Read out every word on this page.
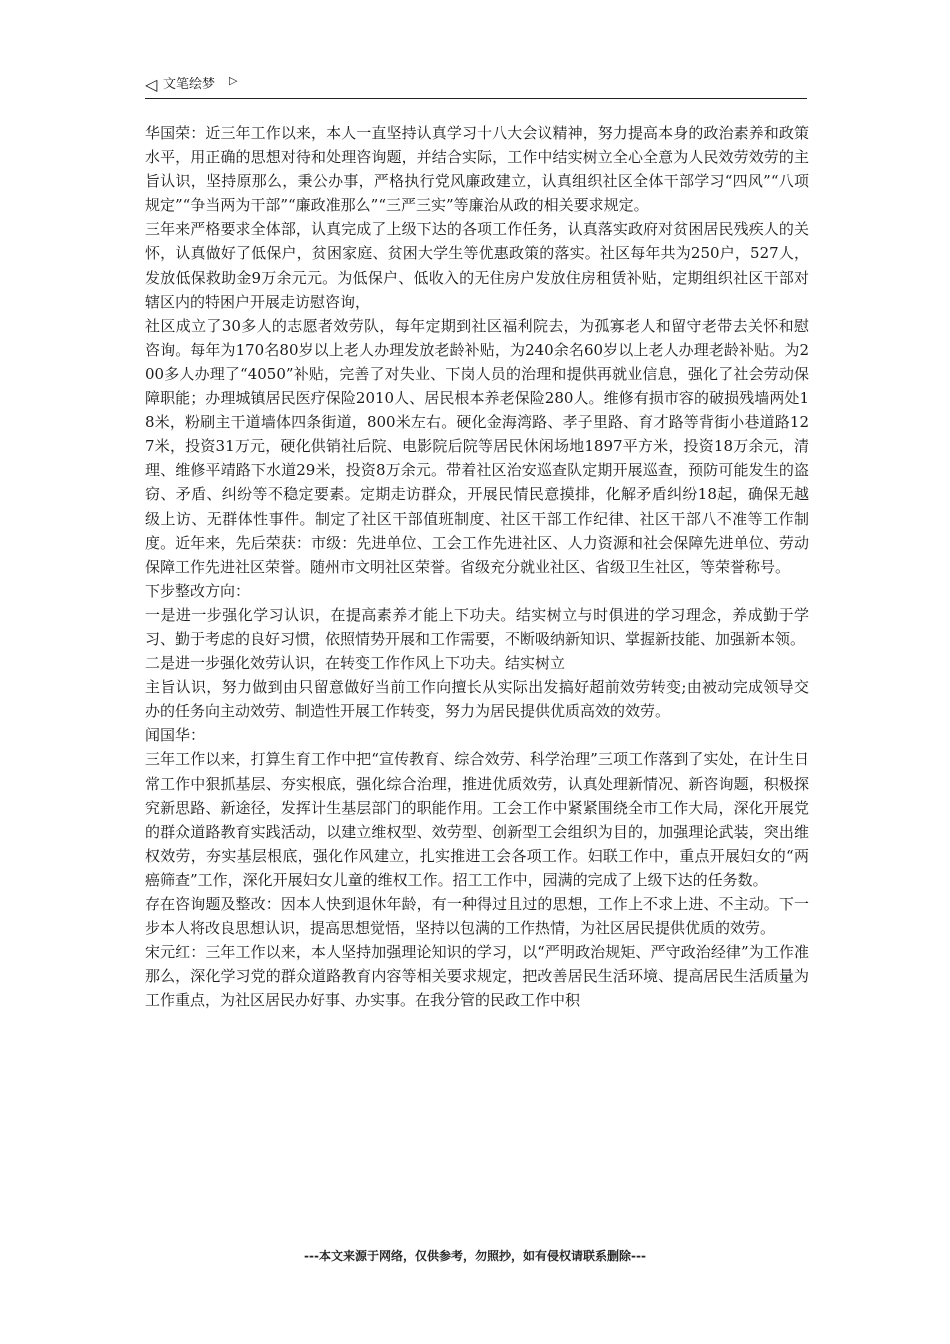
◁ 文笔绘梦 ▷

华国荣：近三年工作以来，本人一直坚持认真学习十八大会议精神，努力提高本身的政治素养和政策水平，用正确的思想对待和处理咨询题，并结合实际，工作中结实树立全心全意为人民效劳效劳的主旨认识，坚持原那么，秉公办事，严格执行党风廉政建立，认真组织社区全体干部学习“四风”“八项规定”“争当两为干部”“廉政准那么”“三严三实”等廉治从政的相关要求规定。

三年来严格要求全体部，认真完成了上级下达的各项工作任务，认真落实政府对贫困居民残疾人的关怀，认真做好了低保户，贫困家庭、贫困大学生等优惠政策的落实。社区每年共为250户，527人，发放低保救助金9万余元元。为低保户、低收入的无住房户发放住房租赁补贴，定期组织社区干部对辖区内的特困户开展走访慰咨询，

社区成立了30多人的志愿者效劳队，每年定期到社区福利院去，为孤寡老人和留守老带去关怀和慰咨询。每年为170名80岁以上老人办理发放老龄补贴，为240余名60岁以上老人办理老龄补贴。为200多人办理了“4050”补贴，完善了对失业、下岗人员的治理和提供再就业信息，强化了社会劳动保障职能；办理城镇居民医疗保险2010人、居民根本养老保险280人。维修有损市容的破损残墙两处18米，粉刷主干道墙体四条街道，800米左右。硬化金海湾路、孝子里路、育才路等背街小巷道路127米，投资31万元，硬化供销社后院、电影院后院等居民休闲场地1897平方米，投资18万余元，清理、维修平靖路下水道29米，投资8万余元。带着社区治安巡查队定期开展巡查，预防可能发生的盗窃、矛盾、纠纷等不稳定要素。定期走访群众，开展民情民意摸排，化解矛盾纠纷18起，确保无越级上访、无群体性事件。制定了社区干部值班制度、社区干部工作纪律、社区干部八不准等工作制度。近年来，先后荣获：市级：先进单位、工会工作先进社区、人力资源和社会保障先进单位、劳动保障工作先进社区荣誉。随州市文明社区荣誉。省级充分就业社区、省级卫生社区，等荣誉称号。

下步整改方向：

一是进一步强化学习认识，在提高素养才能上下功夫。结实树立与时俱进的学习理念，养成勤于学习、勤于考虑的良好习惯，依照情势开展和工作需要，不断吸纳新知识、掌握新技能、加强新本领。

二是进一步强化效劳认识，在转变工作作风上下功夫。结实树立

主旨认识，努力做到由只留意做好当前工作向擅长从实际出发搞好超前效劳转变;由被动完成领导交办的任务向主动效劳、制造性开展工作转变，努力为居民提供优质高效的效劳。

闻国华：

三年工作以来，打算生育工作中把“宣传教育、综合效劳、科学治理”三项工作落到了实处，在计生日常工作中狠抓基层、夯实根底，强化综合治理，推进优质效劳，认真处理新情况、新咨询题，积极探究新思路、新途径，发挥计生基层部门的职能作用。工会工作中紧紧围绕全市工作大局，深化开展党的群众道路教育实践活动，以建立维权型、效劳型、创新型工会组织为目的，加强理论武装，突出维权效劳，夯实基层根底，强化作风建立，扎实推进工会各项工作。妇联工作中，重点开展妇女的“两癌筛查”工作，深化开展妇女儿童的维权工作。招工工作中，园满的完成了上级下达的任务数。

存在咨询题及整改：因本人快到退休年龄，有一种得过且过的思想，工作上不求上进、不主动。下一步本人将改良思想认识，提高思想觉悟，坚持以包满的工作热情，为社区居民提供优质的效劳。

宋元红：三年工作以来，本人坚持加强理论知识的学习，以“严明政治规矩、严守政治经律”为工作准那么，深化学习党的群众道路教育内容等相关要求规定，把改善居民生活环境、提高居民生活质量为工作重点，为社区居民办好事、办实事。在我分管的民政工作中积

---本文来源于网络，仅供参考，勿照抄，如有侵权请联系删除---
